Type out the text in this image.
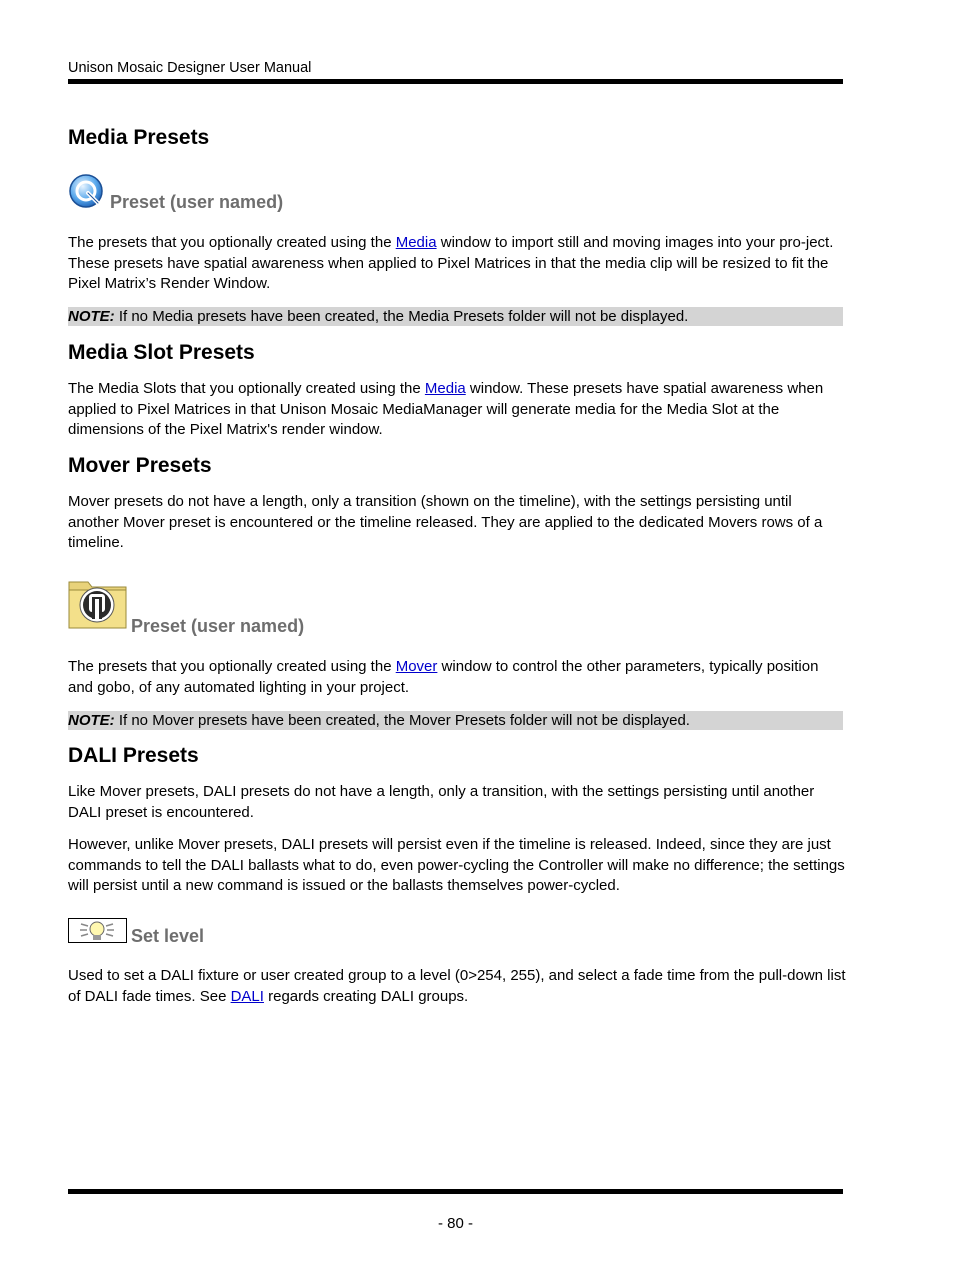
Unison Mosaic Designer User Manual
Media Presets
Preset (user named)

The presets that you optionally created using the Media window to import still and moving images into your pro-ject. These presets have spatial awareness when applied to Pixel Matrices in that the media clip will be resized to fit the Pixel Matrix’s Render Window.

NOTE: If no Media presets have been created, the Media Presets folder will not be displayed.
Media Slot Presets

The Media Slots that you optionally created using the Media window. These presets have spatial awareness when applied to Pixel Matrices in that Unison Mosaic MediaManager will generate media for the Media Slot at the dimensions of the Pixel Matrix's render window.

Mover Presets

Mover presets do not have a length, only a transition (shown on the timeline), with the settings persisting until another Mover preset is encountered or the timeline released. They are applied to the dedicated Movers rows of a timeline.

Preset (user named)

The presets that you optionally created using the Mover window to control the other parameters, typically position and gobo, of any automated lighting in your project.

NOTE: If no Mover presets have been created, the Mover Presets folder will not be displayed.
DALI Presets

Like Mover presets, DALI presets do not have a length, only a transition, with the settings persisting until another DALI preset is encountered.

However, unlike Mover presets, DALI presets will persist even if the timeline is released. Indeed, since they are just commands to tell the DALI ballasts what to do, even power-cycling the Controller will make no difference; the settings will persist until a new command is issued or the ballasts themselves power-cycled.

Set level

Used to set a DALI fixture or user created group to a level (0>254, 255), and select a fade time from the pull-down list of DALI fade times. See DALI regards creating DALI groups.

- 80 -
